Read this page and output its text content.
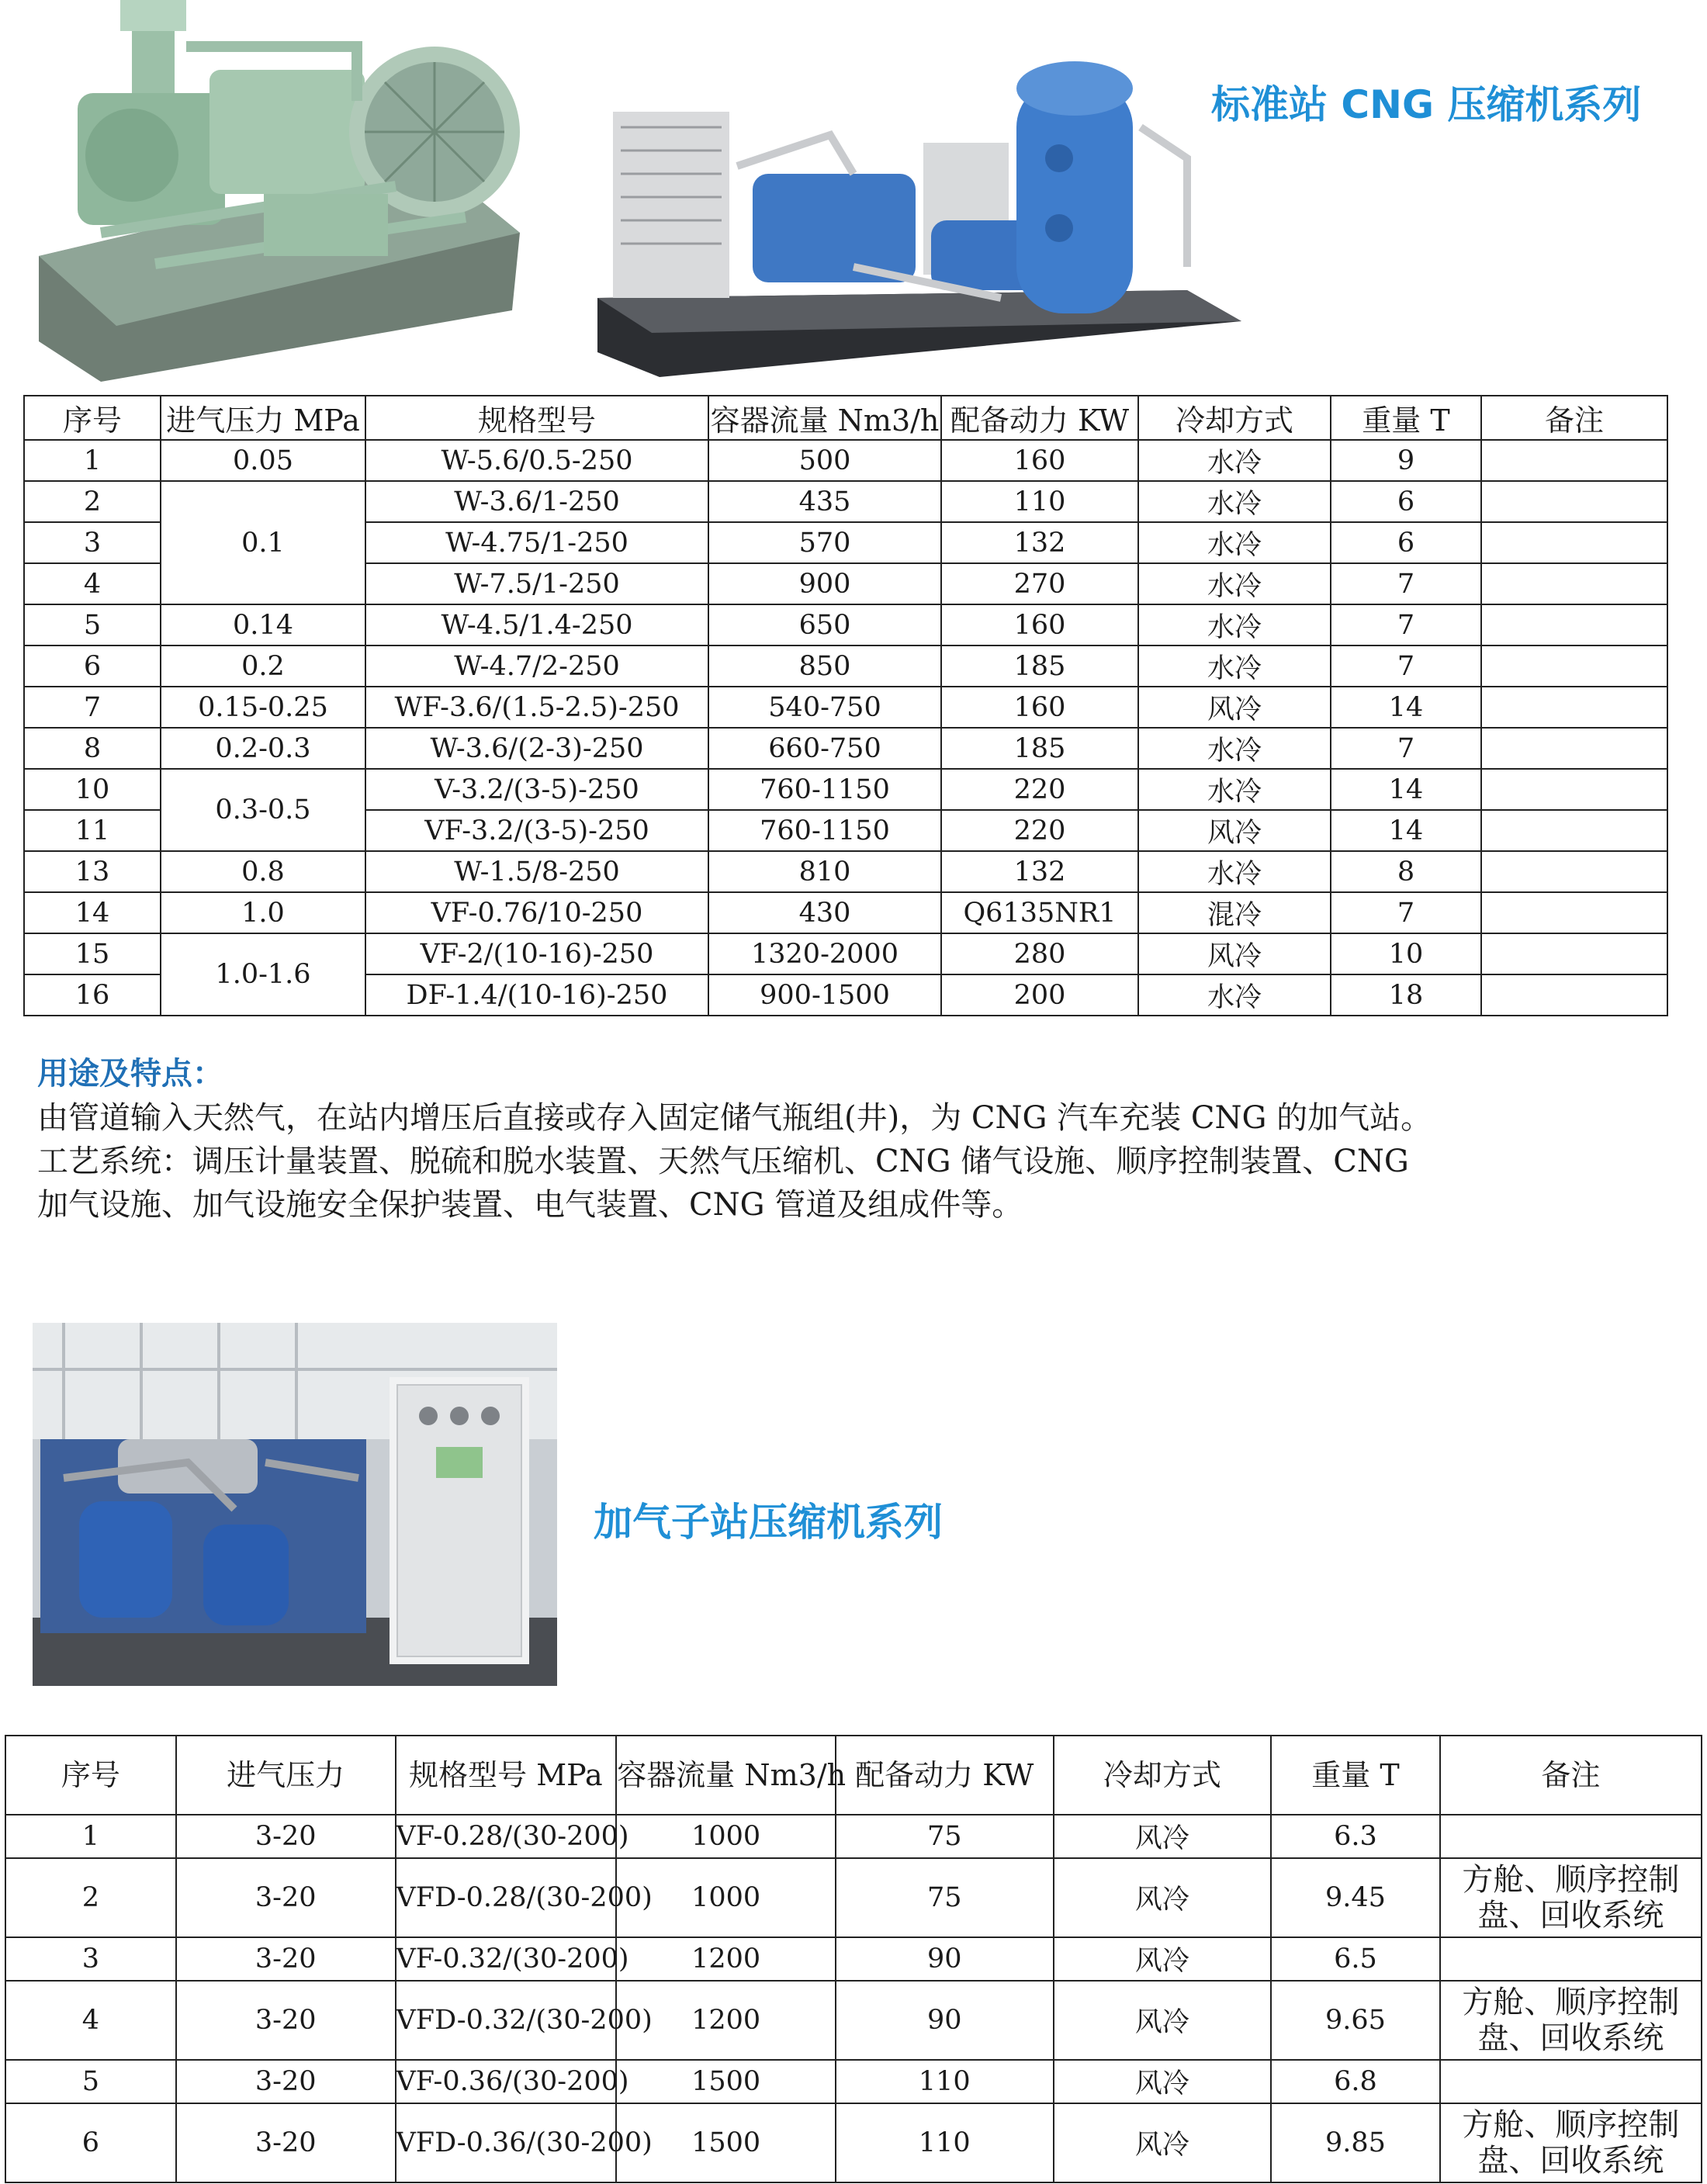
标准站 CNG 压缩机系列
序号	进气压力 MPa	规格型号	容器流量 Nm3/h	配备动力 KW	冷却方式	重量 T	备注
1	0.05	W-5.6/0.5-250	500	160	水冷	9	
2	0.1	W-3.6/1-250	435	110	水冷	6	
3		W-4.75/1-250	570	132	水冷	6	
4		W-7.5/1-250	900	270	水冷	7	
5	0.14	W-4.5/1.4-250	650	160	水冷	7	
6	0.2	W-4.7/2-250	850	185	水冷	7	
7	0.15-0.25	WF-3.6/(1.5-2.5)-250	540-750	160	风冷	14	
8	0.2-0.3	W-3.6/(2-3)-250	660-750	185	水冷	7	
10	0.3-0.5	V-3.2/(3-5)-250	760-1150	220	水冷	14	
11		VF-3.2/(3-5)-250	760-1150	220	风冷	14	
13	0.8	W-1.5/8-250	810	132	水冷	8	
14	1.0	VF-0.76/10-250	430	Q6135NR1	混冷	7	
15	1.0-1.6	VF-2/(10-16)-250	1320-2000	280	风冷	10	
16		DF-1.4/(10-16)-250	900-1500	200	水冷	18	
用途及特点：
由管道输入天然气，在站内增压后直接或存入固定储气瓶组(井)，为 CNG 汽车充装 CNG 的加气站。
工艺系统：调压计量装置、脱硫和脱水装置、天然气压缩机、CNG 储气设施、顺序控制装置、CNG
加气设施、加气设施安全保护装置、电气装置、CNG 管道及组成件等。
加气子站压缩机系列
序号	进气压力	规格型号 MPa	容器流量 Nm3/h	配备动力 KW	冷却方式	重量 T	备注
1	3-20	VF-0.28/(30-200)	1000	75	风冷	6.3	
2	3-20	VFD-0.28/(30-200)	1000	75	风冷	9.45	方舱、顺序控制盘、回收系统
3	3-20	VF-0.32/(30-200)	1200	90	风冷	6.5	
4	3-20	VFD-0.32/(30-200)	1200	90	风冷	9.65	方舱、顺序控制盘、回收系统
5	3-20	VF-0.36/(30-200)	1500	110	风冷	6.8	
6	3-20	VFD-0.36/(30-200)	1500	110	风冷	9.85	方舱、顺序控制盘、回收系统
